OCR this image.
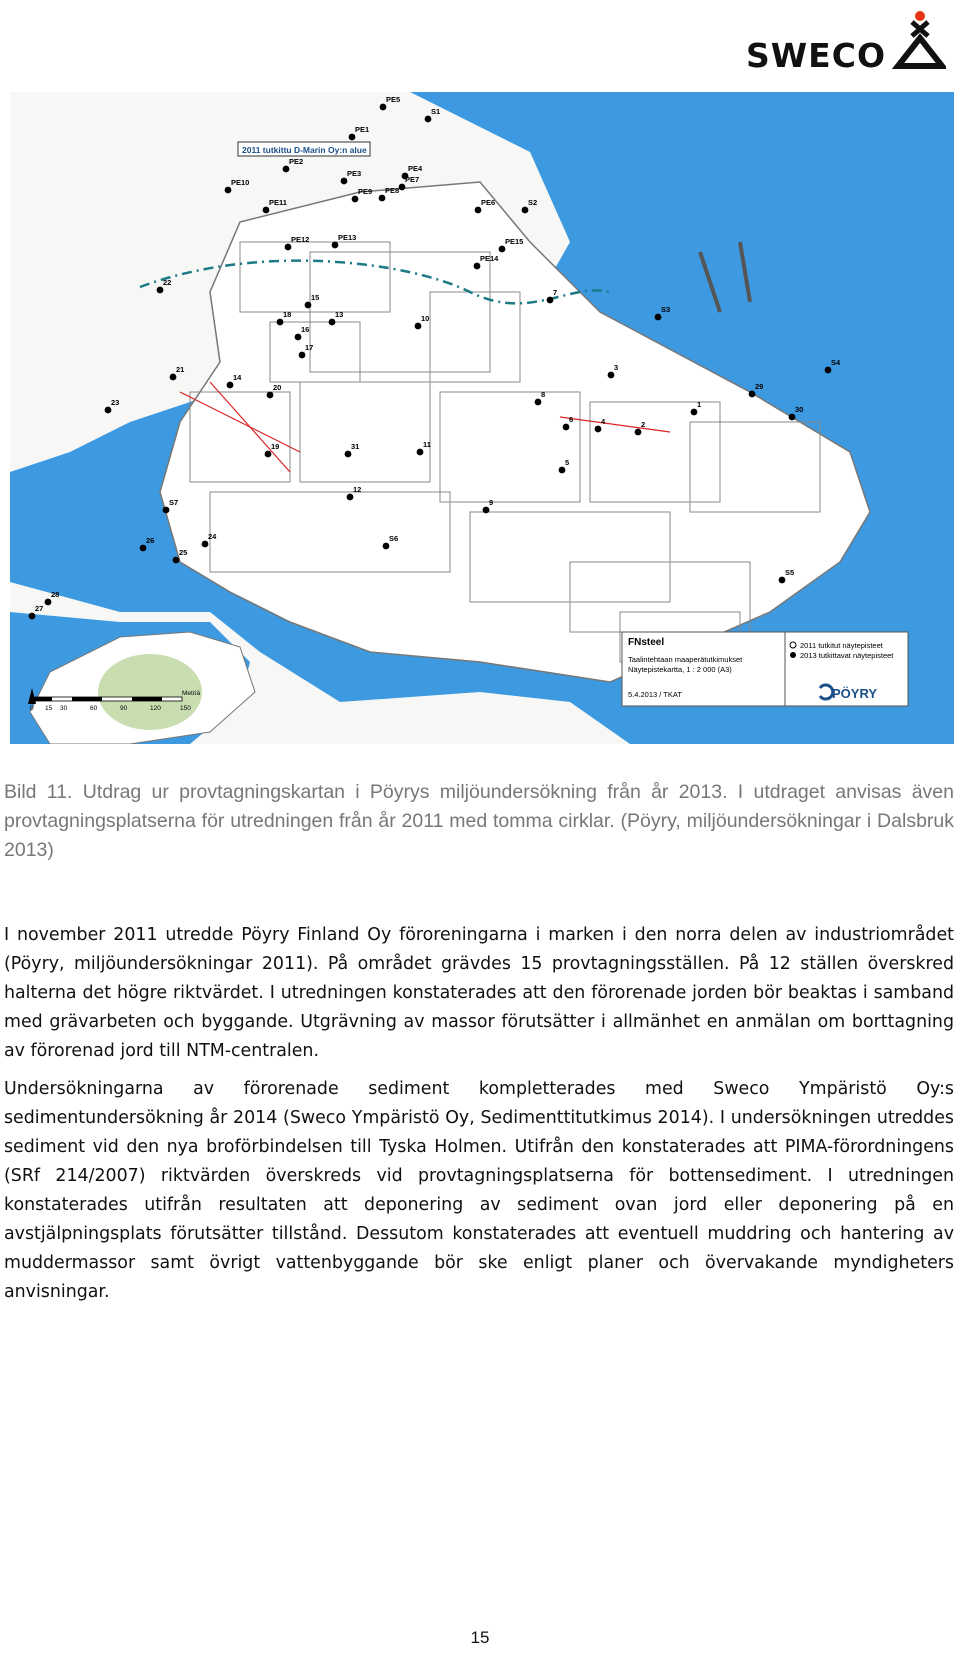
SWECO
2011 tutkittu D-Marin Oy:n alue
S1
S2
S3
S4
S5
S6
S7
PE1
PE2
PE3
PE4
PE5
PE6
PE7
PE8
PE9
PE10
PE11
PE12	PE13
PE14
PE15
1
2
3
4
5
6
7
8
9
10
11
12
13
14
15
16
17
18
19
20
21
22
23
24
25
26
27
28
29
30
31
Metriä
0 15 30	60	90	120	150
FNsteel
Taalintehtaan maaperätutkimukset
Näytepistekartta, 1 : 2 000 (A3)
5.4.2013 / TKAT
2011 tutkitut näytepisteet
2013 tutkittavat näytepisteet
PÖYRY
Bild 11. Utdrag ur provtagningskartan i Pöyrys miljöundersökning från år 2013. I utdraget anvisas även provtagningsplatserna för utredningen från år 2011 med tomma cirklar. (Pöyry, miljöundersökningar i Dalsbruk 2013)
I november 2011 utredde Pöyry Finland Oy föroreningarna i marken i den norra delen av industriområdet (Pöyry, miljöundersökningar 2011). På området grävdes 15 provtagningsställen. På 12 ställen överskred halterna det högre riktvärdet. I utredningen konstaterades att den förorenade jorden bör beaktas i samband med grävarbeten och byggande. Utgrävning av massor förutsätter i allmänhet en anmälan om borttagning av förorenad jord till NTM-centralen.
Undersökningarna av förorenade sediment kompletterades med Sweco Ympäristö Oy:s sedimentundersökning år 2014 (Sweco Ympäristö Oy, Sedimenttitutkimus 2014). I undersökningen utreddes sediment vid den nya broförbindelsen till Tyska Holmen. Utifrån den konstaterades att PIMA-förordningens (SRf 214/2007) riktvärden överskreds vid provtagningsplatserna för bottensediment. I utredningen konstaterades utifrån resultaten att deponering av sediment ovan jord eller deponering på en avstjälpningsplats förutsätter tillstånd. Dessutom konstaterades att eventuell muddring och hantering av muddermassor samt övrigt vattenbyggande bör ske enligt planer och övervakande myndigheters anvisningar.
15
